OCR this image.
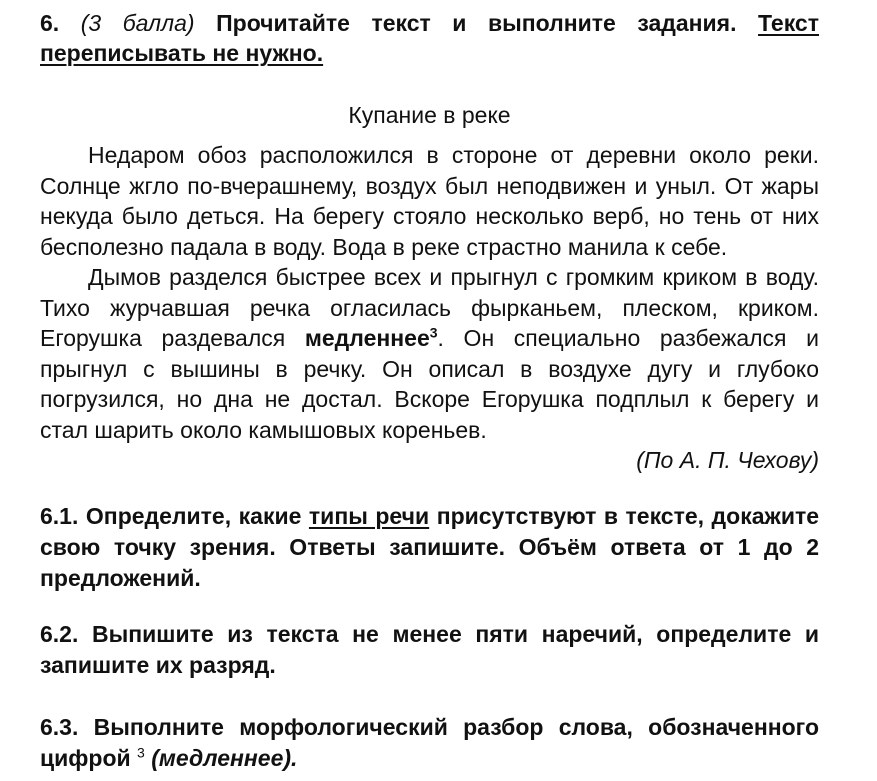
6. (3 балла) Прочитайте текст и выполните задания. Текст переписывать не нужно.

Купание в реке

Недаром обоз расположился в стороне от деревни около реки. Солнце жгло по-вчерашнему, воздух был неподвижен и уныл. От жары некуда было деться. На берегу стояло несколько верб, но тень от них бесполезно падала в воду. Вода в реке страстно манила к себе.

Дымов разделся быстрее всех и прыгнул с громким криком в воду. Тихо журчавшая речка огласилась фырканьем, плеском, криком. Егорушка раздевался медленнее$^3$. Он специально разбежался и прыгнул с вышины в речку. Он описал в воздухе дугу и глубоко погрузился, но дна не достал. Вскоре Егорушка подплыл к берегу и стал шарить около камышовых кореньев.

(По А. П. Чехову)

6.1. Определите, какие типы речи присутствуют в тексте, докажите свою точку зрения. Ответы запишите. Объём ответа от 1 до 2 предложений.

6.2. Выпишите из текста не менее пяти наречий, определите и запишите их разряд.

6.3. Выполните морфологический разбор слова, обозначенного цифрой $^3$ (медленнее).
